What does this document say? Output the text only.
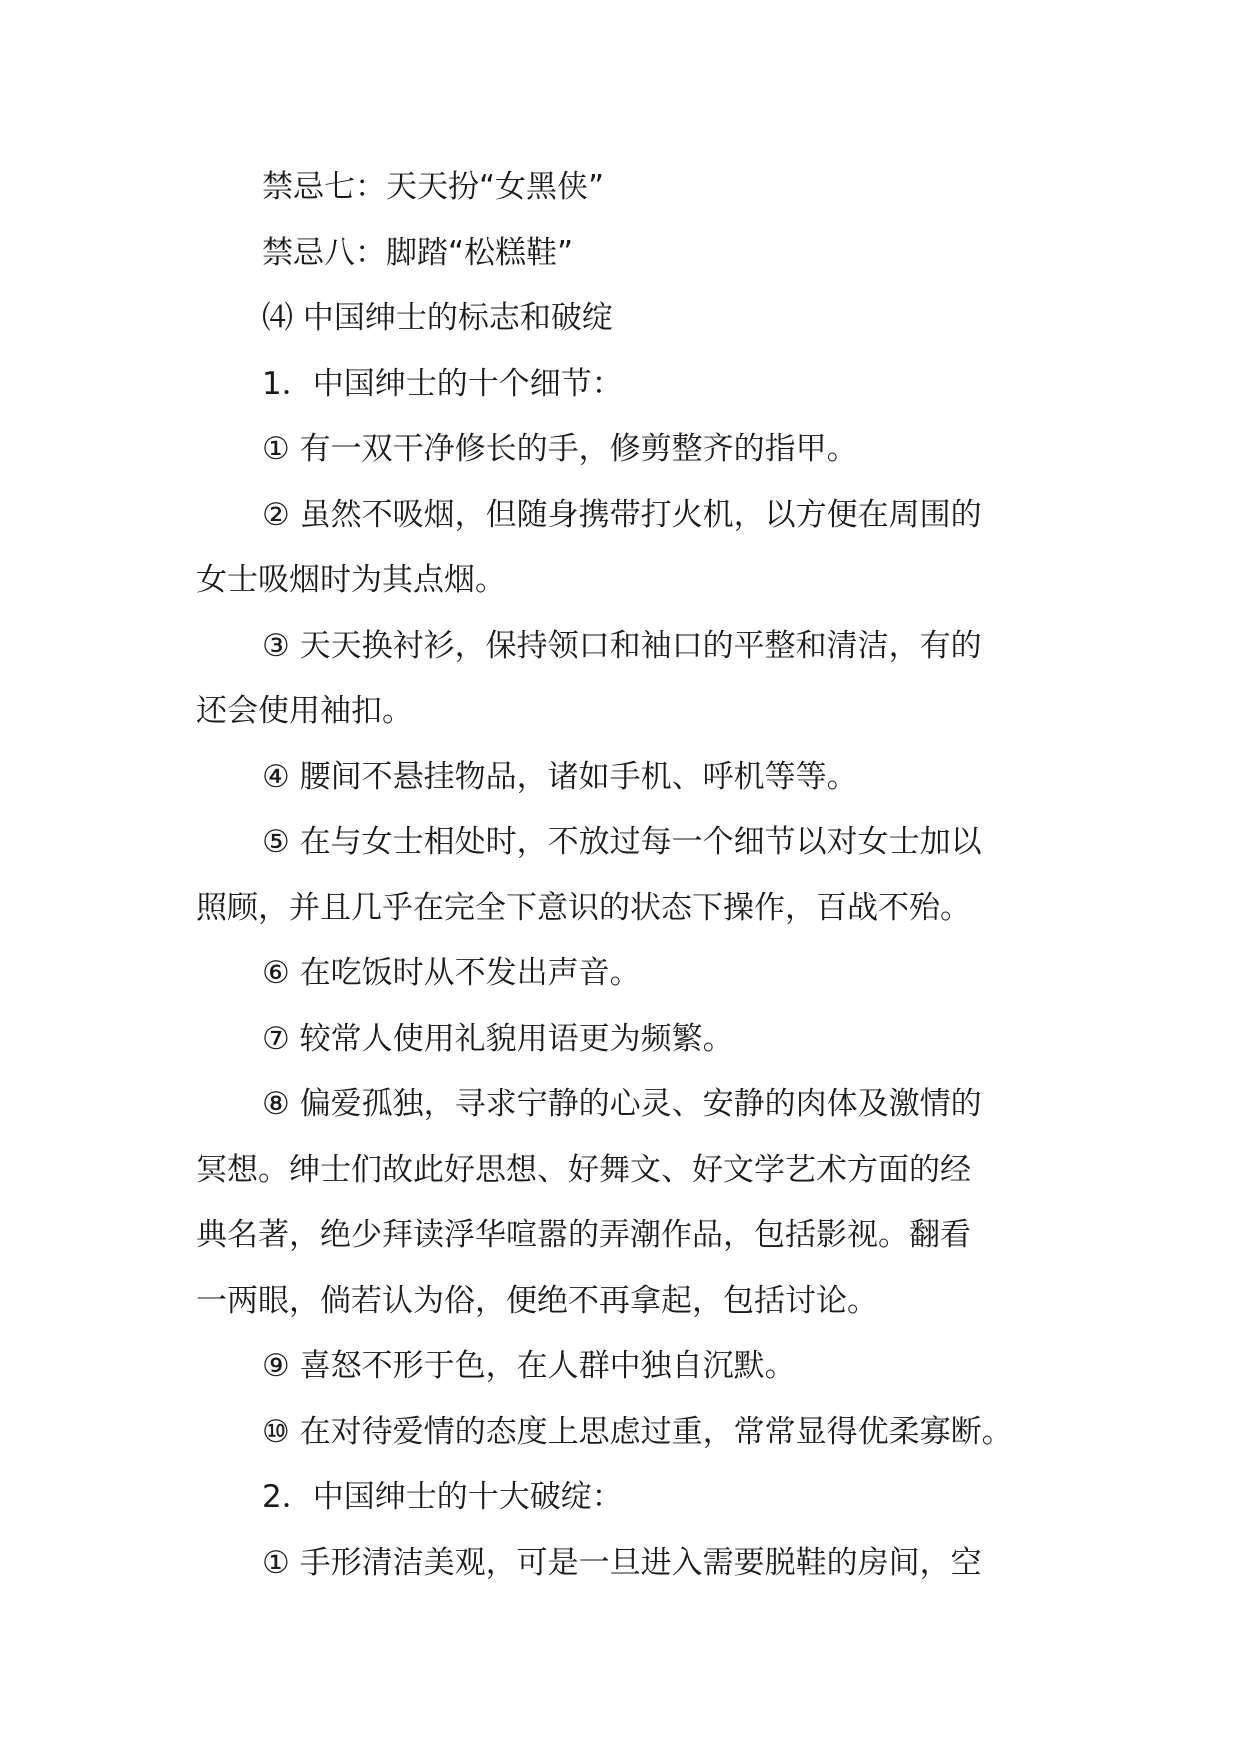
禁忌七：天天扮“女黑侠”

禁忌八：脚踏“松糕鞋”

⑷ 中国绅士的标志和破绽

1．中国绅士的十个细节：

① 有一双干净修长的手，修剪整齐的指甲。

② 虽然不吸烟，但随身携带打火机，以方便在周围的
女士吸烟时为其点烟。

③ 天天换衬衫，保持领口和袖口的平整和清洁，有的
还会使用袖扣。

④ 腰间不悬挂物品，诸如手机、呼机等等。

⑤ 在与女士相处时，不放过每一个细节以对女士加以
照顾，并且几乎在完全下意识的状态下操作，百战不殆。

⑥ 在吃饭时从不发出声音。

⑦ 较常人使用礼貌用语更为频繁。

⑧ 偏爱孤独，寻求宁静的心灵、安静的肉体及激情的
冥想。绅士们故此好思想、好舞文、好文学艺术方面的经
典名著，绝少拜读浮华喧嚣的弄潮作品，包括影视。翻看
一两眼，倘若认为俗，便绝不再拿起，包括讨论。

⑨ 喜怒不形于色，在人群中独自沉默。

⑩ 在对待爱情的态度上思虑过重，常常显得优柔寡断。

2．中国绅士的十大破绽：

① 手形清洁美观，可是一旦进入需要脱鞋的房间，空
